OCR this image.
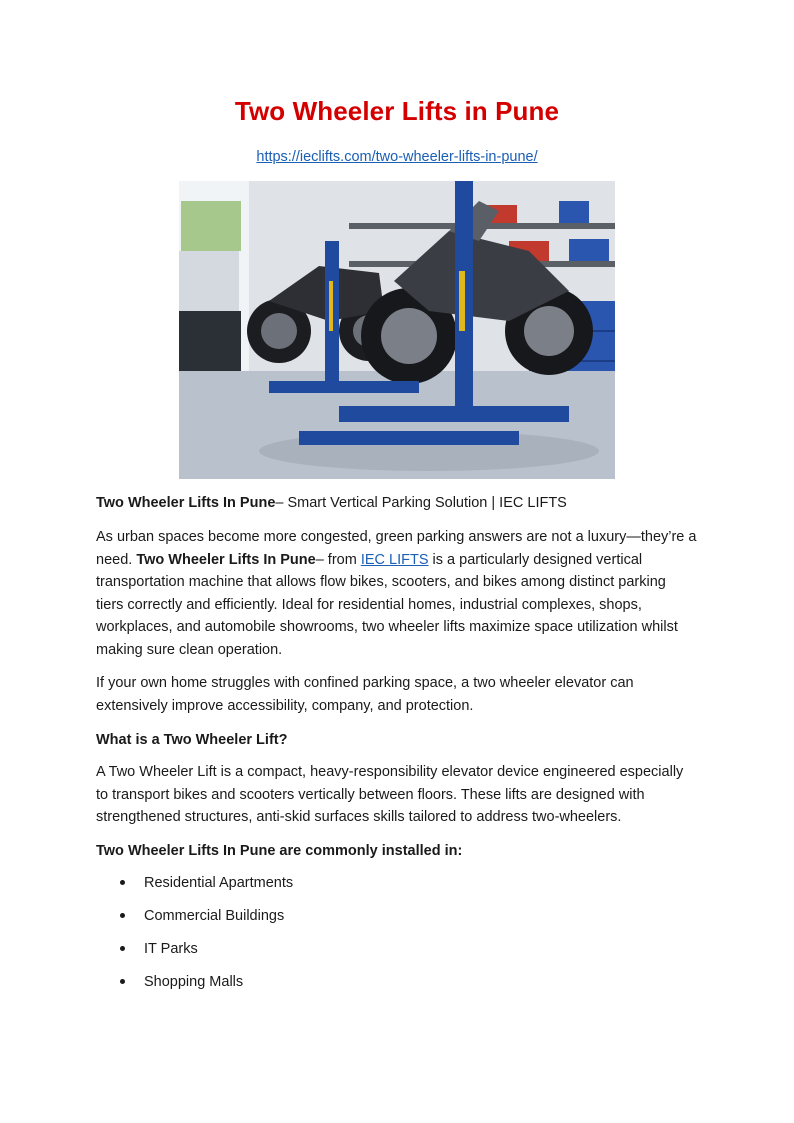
Two Wheeler Lifts in Pune
https://ieclifts.com/two-wheeler-lifts-in-pune/

Two Wheeler Lifts In Pune– Smart Vertical Parking Solution | IEC LIFTS

As urban spaces become more congested, green parking answers are not a luxury—they’re a
need. Two Wheeler Lifts In Pune– from IEC LIFTS is a particularly designed vertical
transportation machine that allows flow bikes, scooters, and bikes among distinct parking
tiers correctly and efficiently. Ideal for residential homes, industrial complexes, shops,
workplaces, and automobile showrooms, two wheeler lifts maximize space utilization whilst
making sure clean operation.
If your own home struggles with confined parking space, a two wheeler elevator can
extensively improve accessibility, company, and protection.
What is a Two Wheeler Lift?
A Two Wheeler Lift is a compact, heavy-responsibility elevator device engineered especially
to transport bikes and scooters vertically between floors. These lifts are designed with
strengthened structures, anti-skid surfaces skills tailored to address two-wheelers.
Two Wheeler Lifts In Pune are commonly installed in:
Residential Apartments
Commercial Buildings
IT Parks
Shopping Malls
